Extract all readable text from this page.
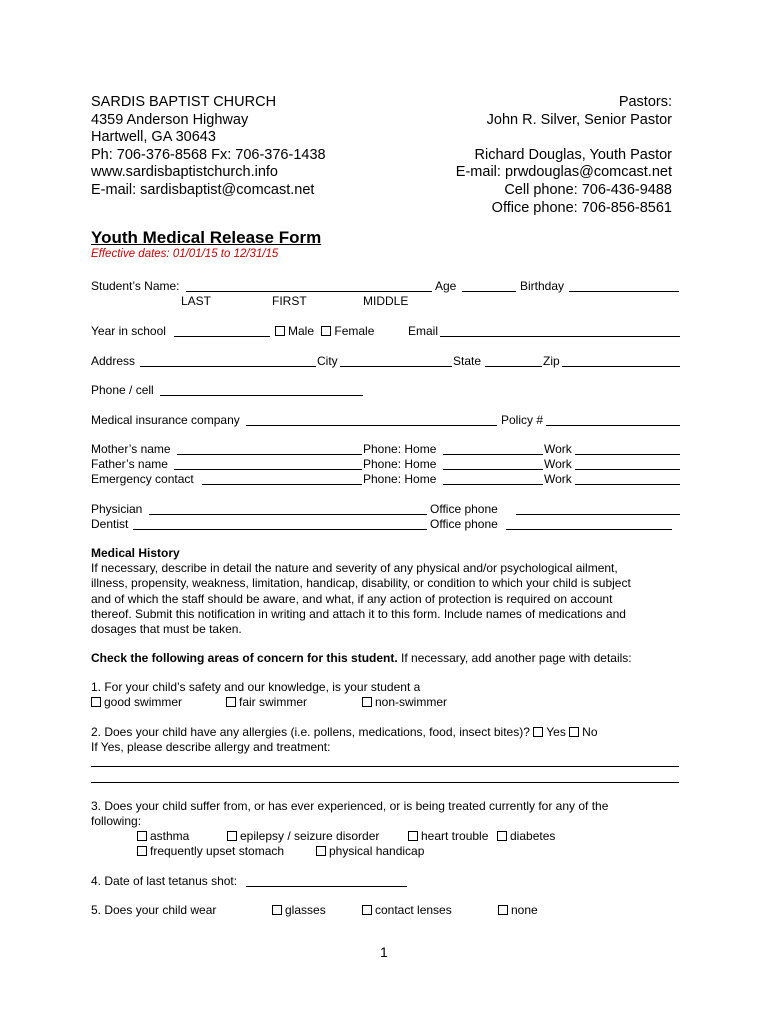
SARDIS BAPTIST CHURCH
4359 Anderson Highway
Hartwell, GA 30643
Ph: 706-376-8568 Fx: 706-376-1438
www.sardisbaptistchurch.info
E-mail: sardisbaptist@comcast.net
Pastors:
John R. Silver, Senior Pastor
Richard Douglas, Youth Pastor
E-mail: prwdouglas@comcast.net
Cell phone: 706-436-9488
Office phone: 706-856-8561
Youth Medical Release Form
Effective dates: 01/01/15 to 12/31/15
Student’s Name:	Age	Birthday
LAST	FIRST	MIDDLE
Year in school	Male Female	Email
Address	City	State	Zip
Phone / cell
Medical insurance company	Policy #
Mother’s name	Phone: Home	Work
Father’s name	Phone: Home	Work
Emergency contact	Phone: Home	Work
Physician	Office phone
Dentist	Office phone
Medical History
If necessary, describe in detail the nature and severity of any physical and/or psychological ailment,
illness, propensity, weakness, limitation, handicap, disability, or condition to which your child is subject
and of which the staff should be aware, and what, if any action of protection is required on account
thereof. Submit this notification in writing and attach it to this form. Include names of medications and
dosages that must be taken.
Check the following areas of concern for this student. If necessary, add another page with details:
1. For your child’s safety and our knowledge, is your student a
good swimmer	fair swimmer	non-swimmer
2. Does your child have any allergies (i.e. pollens, medications, food, insect bites)? Yes No
If Yes, please describe allergy and treatment:
3. Does your child suffer from, or has ever experienced, or is being treated currently for any of the
following:
asthma	epilepsy / seizure disorder	heart trouble	diabetes
frequently upset stomach	physical handicap
4. Date of last tetanus shot:
5. Does your child wear	glasses	contact lenses	none
1
